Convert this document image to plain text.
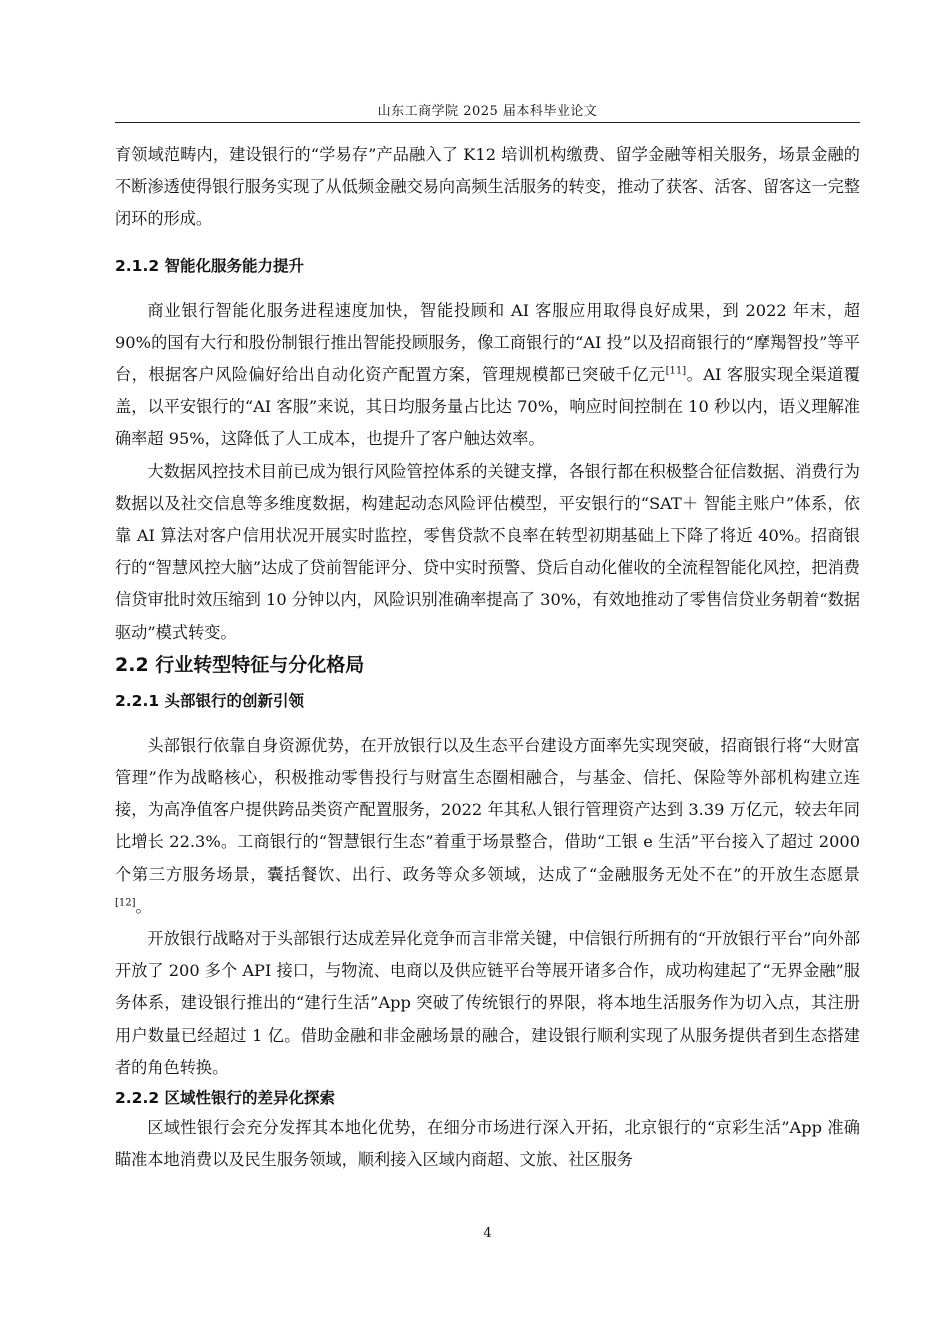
山东工商学院 2025 届本科毕业论文

育领域范畴内，建设银行的“学易存”产品融入了 K12 培训机构缴费、留学金融等相关服务，场景金融的不断渗透使得银行服务实现了从低频金融交易向高频生活服务的转变，推动了获客、活客、留客这一完整闭环的形成。

2.1.2 智能化服务能力提升

商业银行智能化服务进程速度加快，智能投顾和 AI 客服应用取得良好成果，到 2022 年末，超 90%的国有大行和股份制银行推出智能投顾服务，像工商银行的“AI 投”以及招商银行的“摩羯智投”等平台，根据客户风险偏好给出自动化资产配置方案，管理规模都已突破千亿元[11]。AI 客服实现全渠道覆盖，以平安银行的“AI 客服”来说，其日均服务量占比达 70%，响应时间控制在 10 秒以内，语义理解准确率超 95%，这降低了人工成本，也提升了客户触达效率。

大数据风控技术目前已成为银行风险管控体系的关键支撑，各银行都在积极整合征信数据、消费行为数据以及社交信息等多维度数据，构建起动态风险评估模型，平安银行的“SAT＋ 智能主账户”体系，依靠 AI 算法对客户信用状况开展实时监控，零售贷款不良率在转型初期基础上下降了将近 40%。招商银行的“智慧风控大脑”达成了贷前智能评分、贷中实时预警、贷后自动化催收的全流程智能化风控，把消费信贷审批时效压缩到 10 分钟以内，风险识别准确率提高了 30%，有效地推动了零售信贷业务朝着“数据驱动”模式转变。

2.2 行业转型特征与分化格局
2.2.1 头部银行的创新引领

头部银行依靠自身资源优势，在开放银行以及生态平台建设方面率先实现突破，招商银行将“大财富管理”作为战略核心，积极推动零售投行与财富生态圈相融合，与基金、信托、保险等外部机构建立连接，为高净值客户提供跨品类资产配置服务，2022 年其私人银行管理资产达到 3.39 万亿元，较去年同比增长 22.3%。工商银行的“智慧银行生态”着重于场景整合，借助“工银 e 生活”平台接入了超过 2000 个第三方服务场景，囊括餐饮、出行、政务等众多领域，达成了“金融服务无处不在”的开放生态愿景[12]。

开放银行战略对于头部银行达成差异化竞争而言非常关键，中信银行所拥有的“开放银行平台”向外部开放了 200 多个 API 接口，与物流、电商以及供应链平台等展开诸多合作，成功构建起了“无界金融”服务体系，建设银行推出的“建行生活”App 突破了传统银行的界限，将本地生活服务作为切入点，其注册用户数量已经超过 1 亿。借助金融和非金融场景的融合，建设银行顺利实现了从服务提供者到生态搭建者的角色转换。

2.2.2 区域性银行的差异化探索

区域性银行会充分发挥其本地化优势，在细分市场进行深入开拓，北京银行的“京彩生活”App 准确瞄准本地消费以及民生服务领域，顺利接入区域内商超、文旅、社区服务

4
